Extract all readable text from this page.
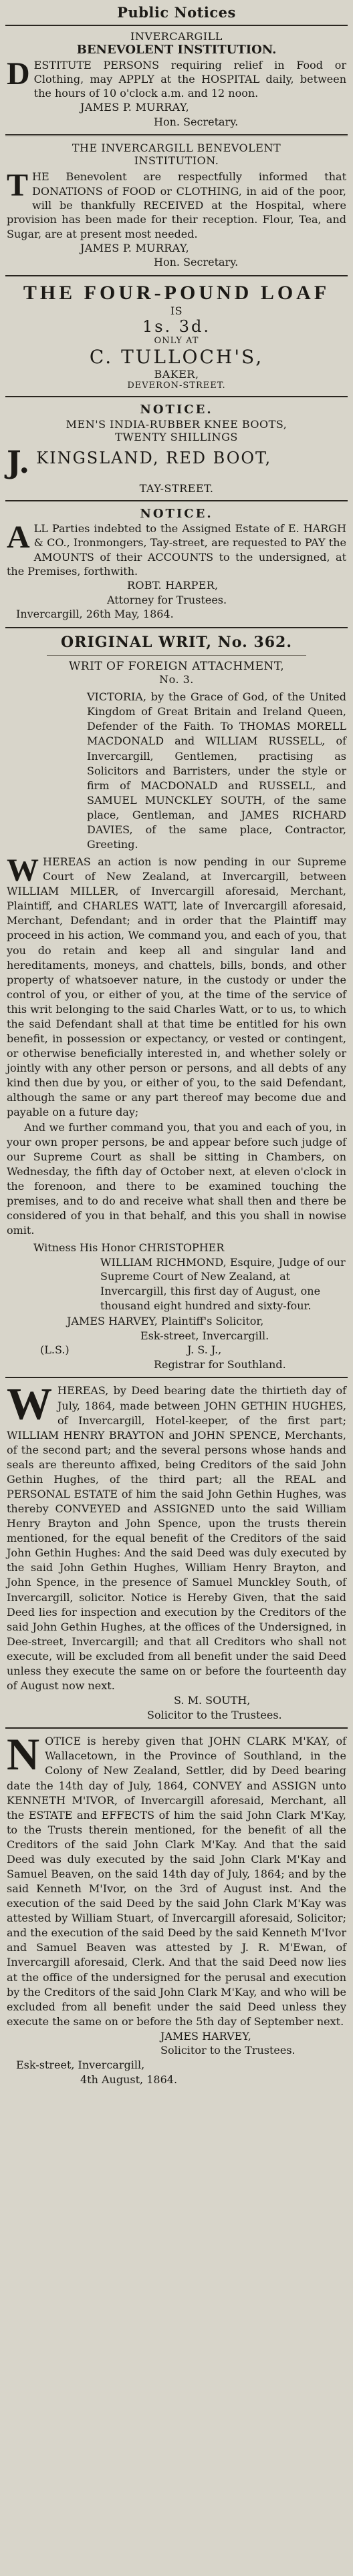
Public Notices
INVERCARGILL
BENEVOLENT INSTITUTION.

DESTITUTE PERSONS requiring relief in Food or Clothing, may APPLY at the HOSPITAL daily, between the hours of 10 o'clock a.m. and 12 noon.

JAMES P. MURRAY,
Hon. Secretary.
THE INVERCARGILL BENEVOLENT
INSTITUTION.

THE Benevolent are respectfully informed that DONATIONS of FOOD or CLOTHING, in aid of the poor, will be thankfully RECEIVED at the Hospital, where provision has been made for their reception. Flour, Tea, and Sugar, are at present most needed.

JAMES P. MURRAY,
Hon. Secretary.
THE FOUR-POUND LOAF
IS
1s. 3d.
ONLY AT
C. TULLOCH'S,
BAKER,
DEVERON-STREET.
NOTICE.
MEN'S INDIA-RUBBER KNEE BOOTS,
TWENTY SHILLINGS
J. KINGSLAND, RED BOOT,
TAY-STREET.
NOTICE.

ALL Parties indebted to the Assigned Estate of E. HARGH & CO., Ironmongers, Tay-street, are requested to PAY the AMOUNTS of their ACCOUNTS to the undersigned, at the Premises, forthwith.

ROBT. HARPER,
Attorney for Trustees.
Invercargill, 26th May, 1864.
ORIGINAL WRIT, No. 362.
WRIT OF FOREIGN ATTACHMENT,
No. 3.

VICTORIA, by the Grace of God, of the United Kingdom of Great Britain and Ireland Queen, Defender of the Faith. To THOMAS MORELL MACDONALD and WILLIAM RUSSELL, of Invercargill, Gentlemen, practising as Solicitors and Barristers, under the style or firm of MACDONALD and RUSSELL, and SAMUEL MUNCKLEY SOUTH, of the same place, Gentleman, and JAMES RICHARD DAVIES, of the same place, Contractor, Greeting.

WHEREAS an action is now pending in our Supreme Court of New Zealand, at Invercargill, between WILLIAM MILLER, of Invercargill aforesaid, Merchant, Plaintiff, and CHARLES WATT, late of Invercargill aforesaid, Merchant, Defendant; and in order that the Plaintiff may proceed in his action, We command you, and each of you, that you do retain and keep all and singular land and hereditaments, moneys, and chattels, bills, bonds, and other property of whatsoever nature, in the custody or under the control of you, or either of you, at the time of the service of this writ belonging to the said Charles Watt, or to us, to which the said Defendant shall at that time be entitled for his own benefit, in possession or expectancy, or vested or contingent, or otherwise beneficially interested in, and whether solely or jointly with any other person or persons, and all debts of any kind then due by you, or either of you, to the said Defendant, although the same or any part thereof may become due and payable on a future day;

And we further command you, that you and each of you, in your own proper persons, be and appear before such judge of our Supreme Court as shall be sitting in Chambers, on Wednesday, the fifth day of October next, at eleven o'clock in the forenoon, and there to be examined touching the premises, and to do and receive what shall then and there be considered of you in that behalf, and this you shall in nowise omit.

Witness His Honor CHRISTOPHER
WILLIAM RICHMOND, Esquire, Judge of our Supreme Court of New Zealand, at Invercargill, this first day of August, one thousand eight hundred and sixty-four.
JAMES HARVEY, Plaintiff's Solicitor,
Esk-street, Invercargill.
(L.S.)	J. S. J.,
Registrar for Southland.

WHEREAS, by Deed bearing date the thirtieth day of July, 1864, made between JOHN GETHIN HUGHES, of Invercargill, Hotel-keeper, of the first part; WILLIAM HENRY BRAYTON and JOHN SPENCE, Merchants, of the second part; and the several persons whose hands and seals are thereunto affixed, being Creditors of the said John Gethin Hughes, of the third part; all the REAL and PERSONAL ESTATE of him the said John Gethin Hughes, was thereby CONVEYED and ASSIGNED unto the said William Henry Brayton and John Spence, upon the trusts therein mentioned, for the equal benefit of the Creditors of the said John Gethin Hughes: And the said Deed was duly executed by the said John Gethin Hughes, William Henry Brayton, and John Spence, in the presence of Samuel Munckley South, of Invercargill, solicitor. Notice is Hereby Given, that the said Deed lies for inspection and execution by the Creditors of the said John Gethin Hughes, at the offices of the Undersigned, in Dee-street, Invercargill; and that all Creditors who shall not execute, will be excluded from all benefit under the said Deed unless they execute the same on or before the fourteenth day of August now next.

S. M. SOUTH,
Solicitor to the Trustees.

NOTICE is hereby given that JOHN CLARK M'KAY, of Wallacetown, in the Province of Southland, in the Colony of New Zealand, Settler, did by Deed bearing date the 14th day of July, 1864, CONVEY and ASSIGN unto KENNETH M'IVOR, of Invercargill aforesaid, Merchant, all the ESTATE and EFFECTS of him the said John Clark M'Kay, to the Trusts therein mentioned, for the benefit of all the Creditors of the said John Clark M'Kay. And that the said Deed was duly executed by the said John Clark M'Kay and Samuel Beaven, on the said 14th day of July, 1864; and by the said Kenneth M'Ivor, on the 3rd of August inst. And the execution of the said Deed by the said John Clark M'Kay was attested by William Stuart, of Invercargill aforesaid, Solicitor; and the execution of the said Deed by the said Kenneth M'Ivor and Samuel Beaven was attested by J. R. M'Ewan, of Invercargill aforesaid, Clerk. And that the said Deed now lies at the office of the undersigned for the perusal and execution by the Creditors of the said John Clark M'Kay, and who will be excluded from all benefit under the said Deed unless they execute the same on or before the 5th day of September next.

JAMES HARVEY,
Solicitor to the Trustees.
Esk-street, Invercargill,
4th August, 1864.
